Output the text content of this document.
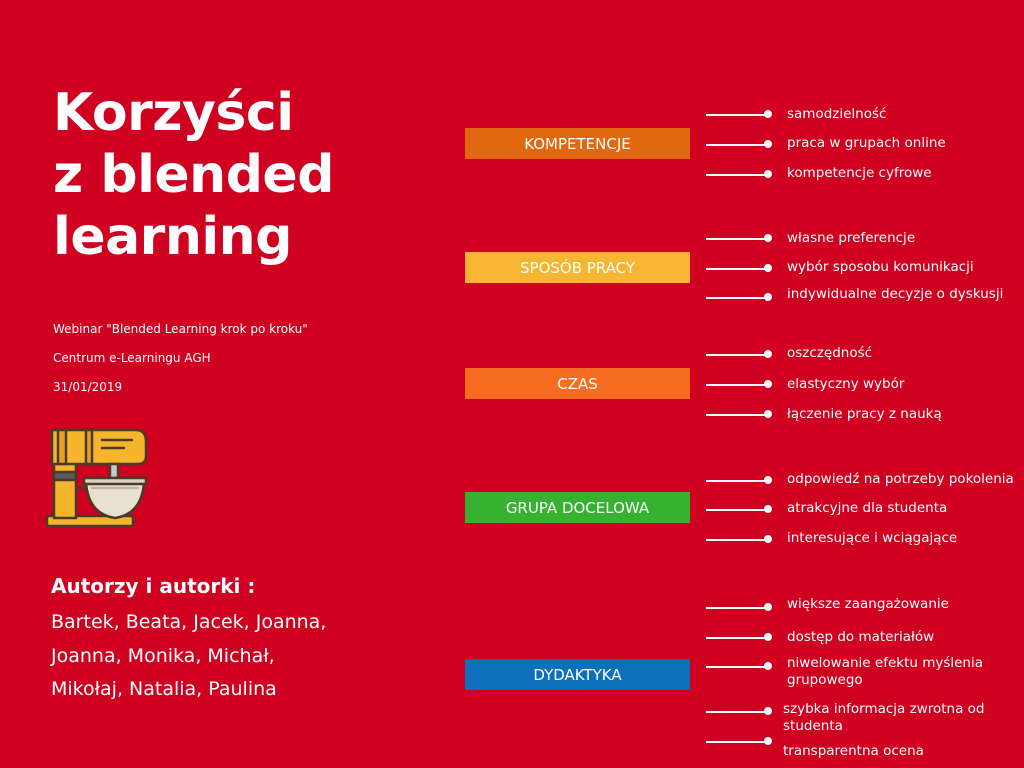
Korzyści
z blended
learning
Webinar "Blended Learning krok po kroku"
Centrum e-Learningu AGH
31/01/2019
Autorzy i autorki :
Bartek, Beata, Jacek, Joanna,
Joanna, Monika, Michał,
Mikołaj, Natalia, Paulina
KOMPETENCJE
samodzielność
praca w grupach online
kompetencje cyfrowe
SPOSÓB PRACY
własne preferencje
wybór sposobu komunikacji
indywidualne decyzje o dyskusji
CZAS
oszczędność
elastyczny wybór
łączenie pracy z nauką
GRUPA DOCELOWA
odpowiedź na potrzeby pokolenia
atrakcyjne dla studenta
interesujące i wciągające
DYDAKTYKA
większe zaangażowanie
dostęp do materiałów
niwelowanie efektu myślenia grupowego
szybka informacja zwrotna od studenta
transparentna ocena
